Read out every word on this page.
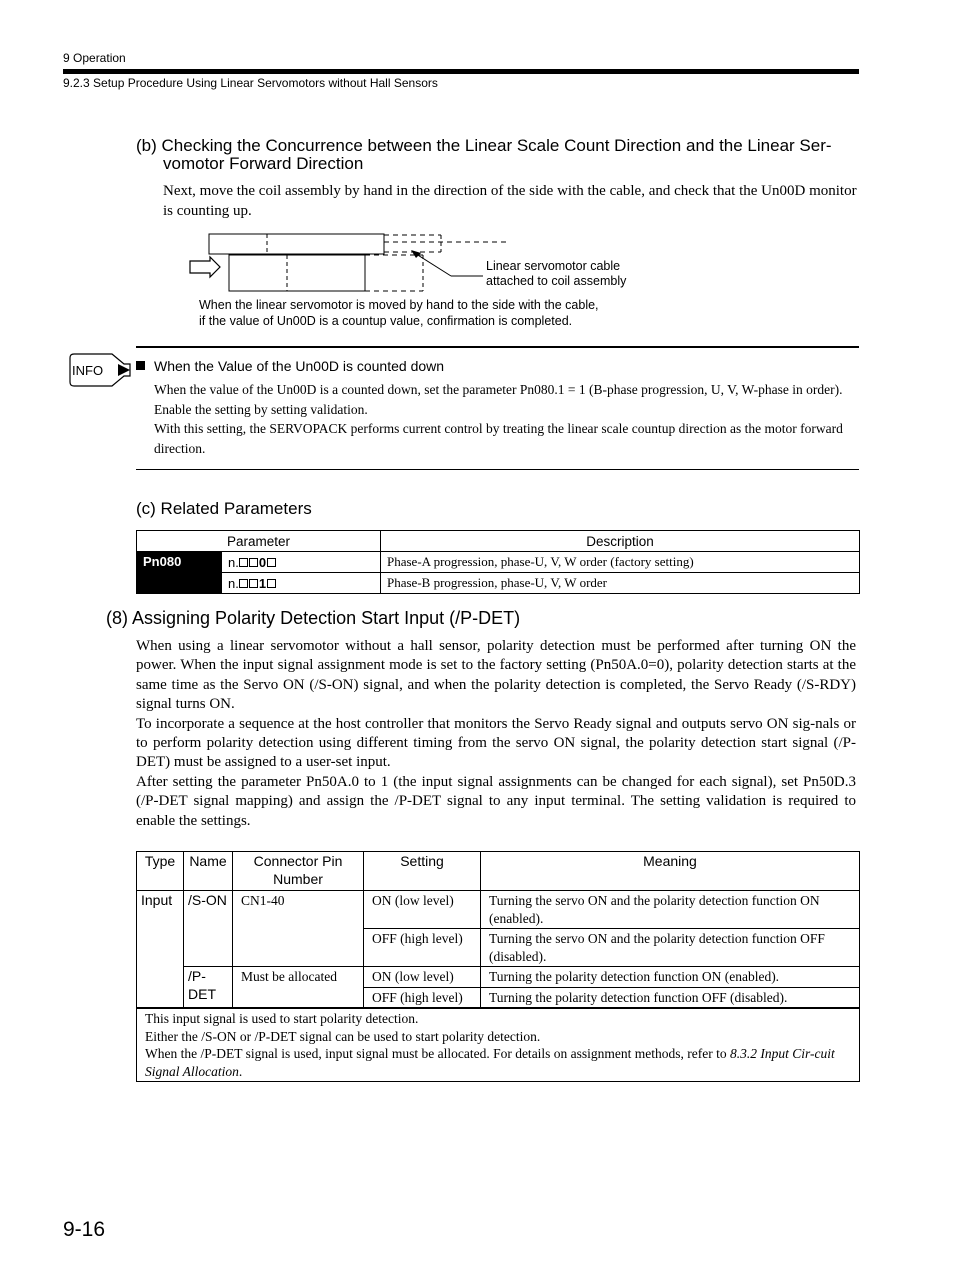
9 Operation
9.2.3 Setup Procedure Using Linear Servomotors without Hall Sensors
(b) Checking the Concurrence between the Linear Scale Count Direction and the Linear Ser-vomotor Forward Direction
Next, move the coil assembly by hand in the direction of the side with the cable, and check that the Un00D monitor is counting up.
Linear servomotor cable
attached to coil assembly
When the linear servomotor is moved by hand to the side with the cable,
if the value of Un00D is a countup value, confirmation is completed.
INFO	When the Value of the Un00D is counted down
When the value of the Un00D is a counted down, set the parameter Pn080.1 = 1 (B-phase progression, U, V, W-phase in order). Enable the setting by setting validation.
With this setting, the SERVOPACK performs current control by treating the linear scale countup direction as the motor forward direction.
(c) Related Parameters
Parameter		Description
Pn080	n. 0	Phase-A progression, phase-U, V, W order (factory setting)
	n. 1	Phase-B progression, phase-U, V, W order
(8) Assigning Polarity Detection Start Input (/P-DET)

When using a linear servomotor without a hall sensor, polarity detection must be performed after turning ON the power. When the input signal assignment mode is set to the factory setting (Pn50A.0=0), polarity detection starts at the same time as the Servo ON (/S-ON) signal, and when the polarity detection is completed, the Servo Ready (/S-RDY) signal turns ON.

To incorporate a sequence at the host controller that monitors the Servo Ready signal and outputs servo ON sig-nals or to perform polarity detection using different timing from the servo ON signal, the polarity detection start signal (/P-DET) must be assigned to a user-set input.

After setting the parameter Pn50A.0 to 1 (the input signal assignments can be changed for each signal), set Pn50D.3 (/P-DET signal mapping) and assign the /P-DET signal to any input terminal. The setting validation is required to enable the settings.

Type	Name	Connector Pin Number	Setting	Meaning
Input	/S-ON	CN1-40	ON (low level)	Turning the servo ON and the polarity detection function ON (enabled).
			OFF (high level)	Turning the servo ON and the polarity detection function OFF (disabled).
	/P-DET	Must be allocated	ON (low level)	Turning the polarity detection function ON (enabled).
			OFF (high level)	Turning the polarity detection function OFF (disabled).

This input signal is used to start polarity detection.
Either the /S-ON or /P-DET signal can be used to start polarity detection.
When the /P-DET signal is used, input signal must be allocated. For details on assignment methods, refer to 8.3.2 Input Cir-cuit Signal Allocation.				
9-16
